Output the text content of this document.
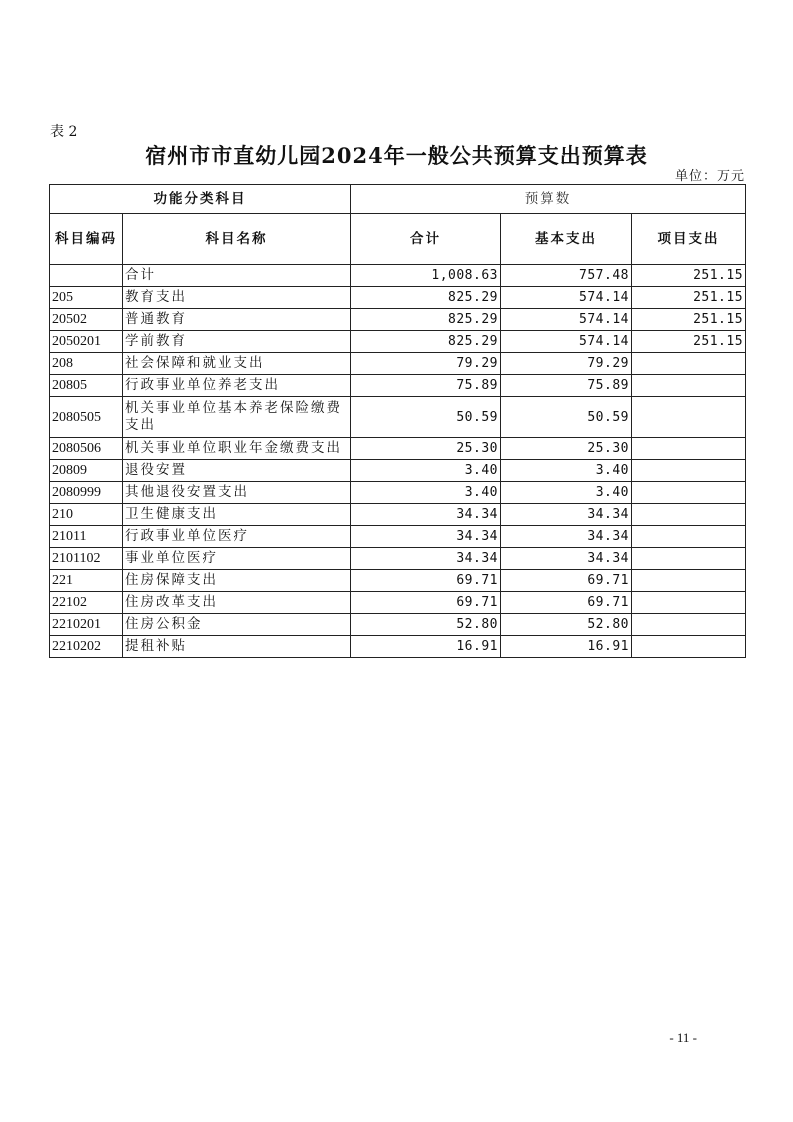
表 2
宿州市市直幼儿园2024年一般公共预算支出预算表
单位：万元
功能分类科目		预算数		
科目编码	科目名称	合计	基本支出	项目支出
	合计	1,008.63	757.48	251.15
205	教育支出	825.29	574.14	251.15
20502	普通教育	825.29	574.14	251.15
2050201	学前教育	825.29	574.14	251.15
208	社会保障和就业支出	79.29	79.29	
20805	行政事业单位养老支出	75.89	75.89	
2080505	机关事业单位基本养老保险缴费支出	50.59	50.59	
2080506	机关事业单位职业年金缴费支出	25.30	25.30	
20809	退役安置	3.40	3.40	
2080999	其他退役安置支出	3.40	3.40	
210	卫生健康支出	34.34	34.34	
21011	行政事业单位医疗	34.34	34.34	
2101102	事业单位医疗	34.34	34.34	
221	住房保障支出	69.71	69.71	
22102	住房改革支出	69.71	69.71	
2210201	住房公积金	52.80	52.80	
2210202	提租补贴	16.91	16.91	
- 11 -
